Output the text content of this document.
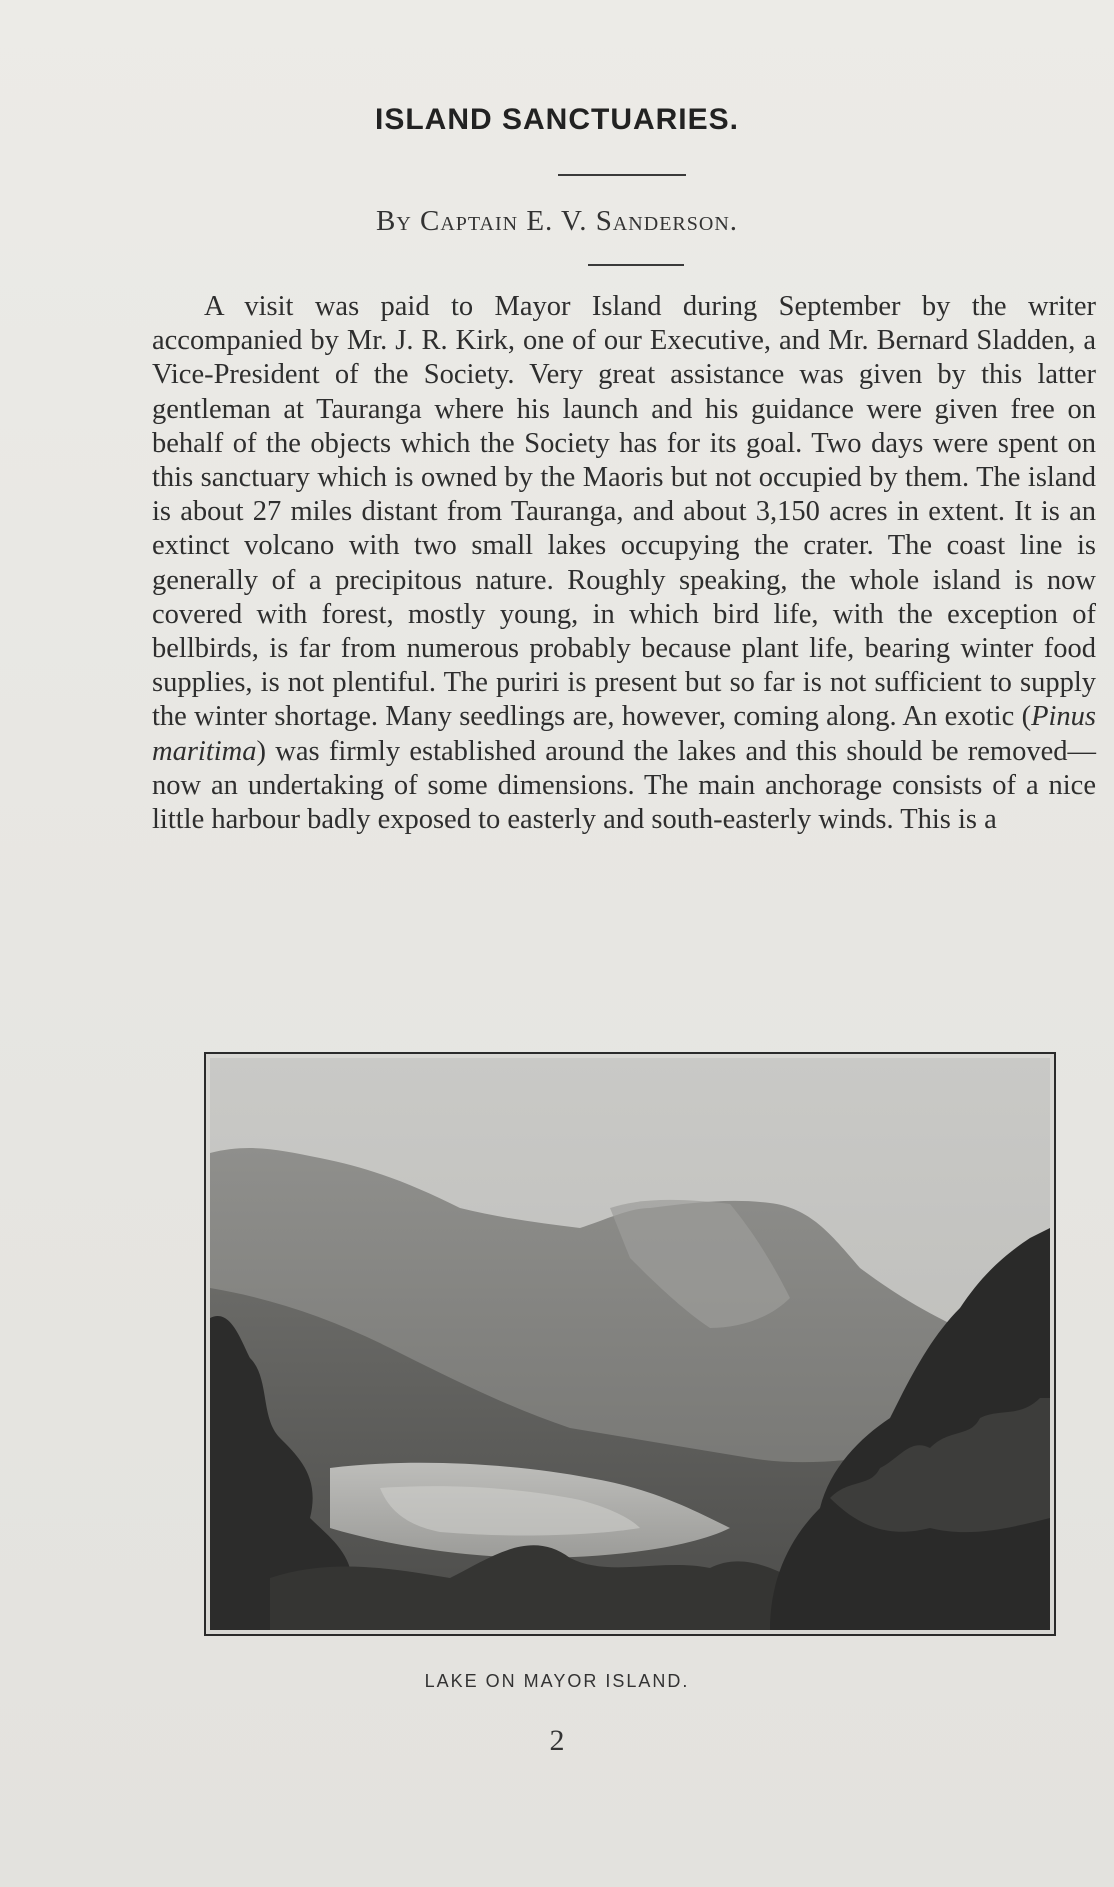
ISLAND SANCTUARIES.
By Captain E. V. Sanderson.

A visit was paid to Mayor Island during September by the writer accompanied by Mr. J. R. Kirk, one of our Executive, and Mr. Bernard Sladden, a Vice-President of the Society. Very great assistance was given by this latter gentleman at Tauranga where his launch and his guidance were given free on behalf of the objects which the Society has for its goal. Two days were spent on this sanctuary which is owned by the Maoris but not occupied by them. The island is about 27 miles distant from Tauranga, and about 3,150 acres in extent. It is an extinct volcano with two small lakes occupying the crater. The coast line is generally of a precipitous nature. Roughly speaking, the whole island is now covered with forest, mostly young, in which bird life, with the exception of bellbirds, is far from numerous probably because plant life, bearing winter food supplies, is not plentiful. The puriri is present but so far is not sufficient to supply the winter shortage. Many seedlings are, however, coming along. An exotic (Pinus maritima) was firmly established around the lakes and this should be removed—now an undertaking of some dimensions. The main anchorage consists of a nice little harbour badly exposed to easterly and south-easterly winds. This is a

LAKE ON MAYOR ISLAND.
2
